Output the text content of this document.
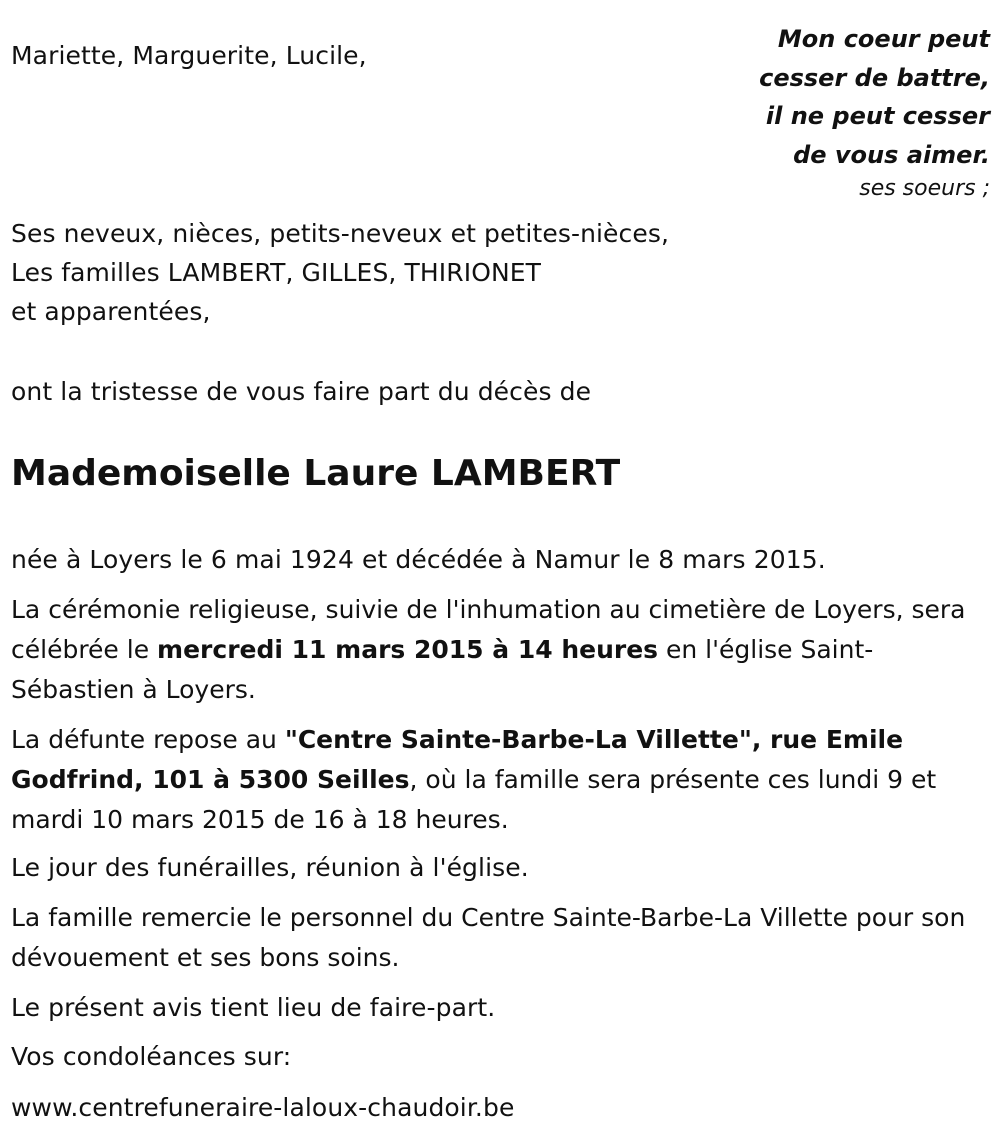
Mariette, Marguerite, Lucile,
Mon coeur peut
cesser de battre,
il ne peut cesser
de vous aimer.
ses soeurs ;
Ses neveux, nièces, petits-neveux et petites-nièces,
Les familles LAMBERT, GILLES, THIRIONET
et apparentées,
ont la tristesse de vous faire part du décès de
Mademoiselle Laure LAMBERT
née à Loyers le 6 mai 1924 et décédée à Namur le 8 mars 2015.
La cérémonie religieuse, suivie de l'inhumation au cimetière de Loyers, sera célébrée le mercredi 11 mars 2015 à 14 heures en l'église Saint-Sébastien à Loyers.
La défunte repose au "Centre Sainte-Barbe-La Villette", rue Emile Godfrind, 101 à 5300 Seilles, où la famille sera présente ces lundi 9 et mardi 10 mars 2015 de 16 à 18 heures.
Le jour des funérailles, réunion à l'église.
La famille remercie le personnel du Centre Sainte-Barbe-La Villette pour son dévouement et ses bons soins.
Le présent avis tient lieu de faire-part.
Vos condoléances sur:
www.centrefuneraire-laloux-chaudoir.be
